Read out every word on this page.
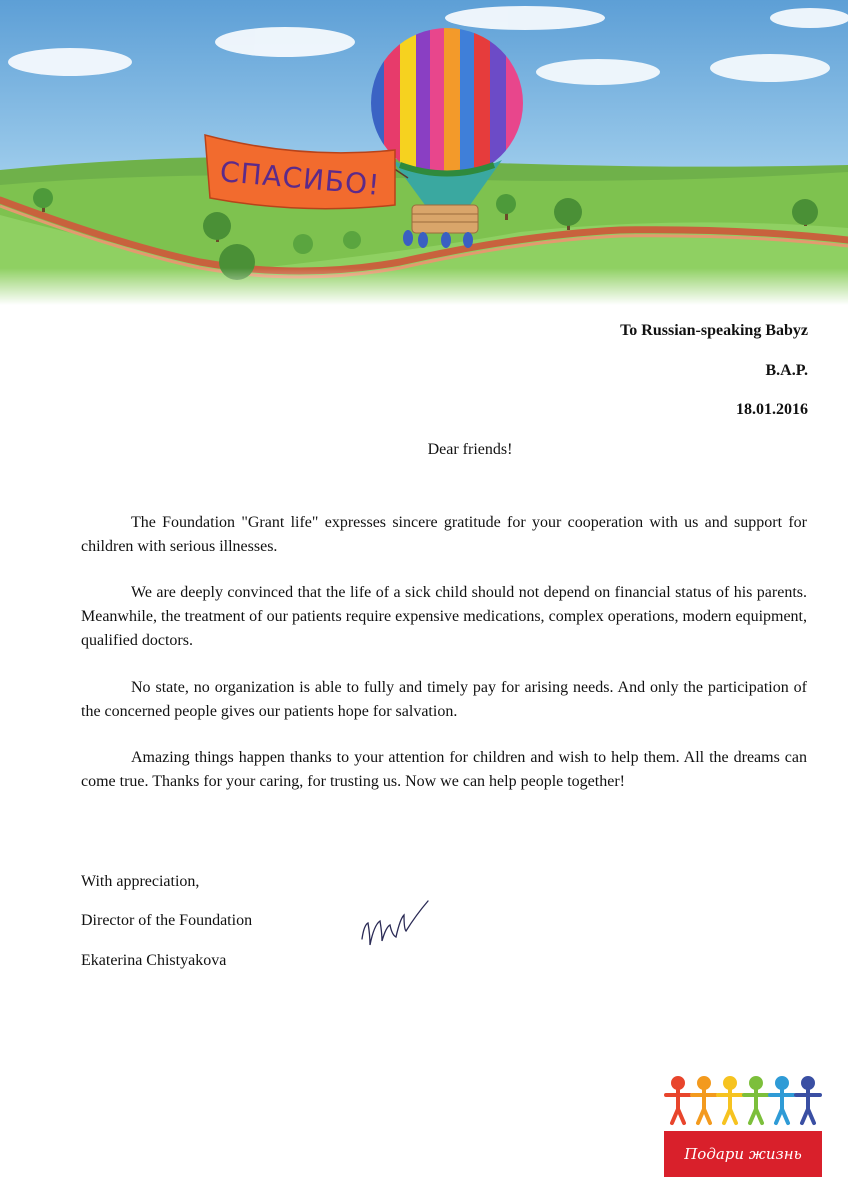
СПАСИБО!
To Russian-speaking Babyz
B.A.P.
18.01.2016
Dear friends!
The Foundation "Grant life" expresses sincere gratitude for your cooperation with us and support for children with serious illnesses.
We are deeply convinced that the life of a sick child should not depend on financial status of his parents. Meanwhile, the treatment of our patients require expensive medications, complex operations, modern equipment, qualified doctors.
No state, no organization is able to fully and timely pay for arising needs. And only the participation of the concerned people gives our patients hope for salvation.
Amazing things happen thanks to your attention for children and wish to help them. All the dreams can come true. Thanks for your caring, for trusting us. Now we can help people together!
With appreciation,
Director of the Foundation
Ekaterina Chistyakova
Подари жизнь
